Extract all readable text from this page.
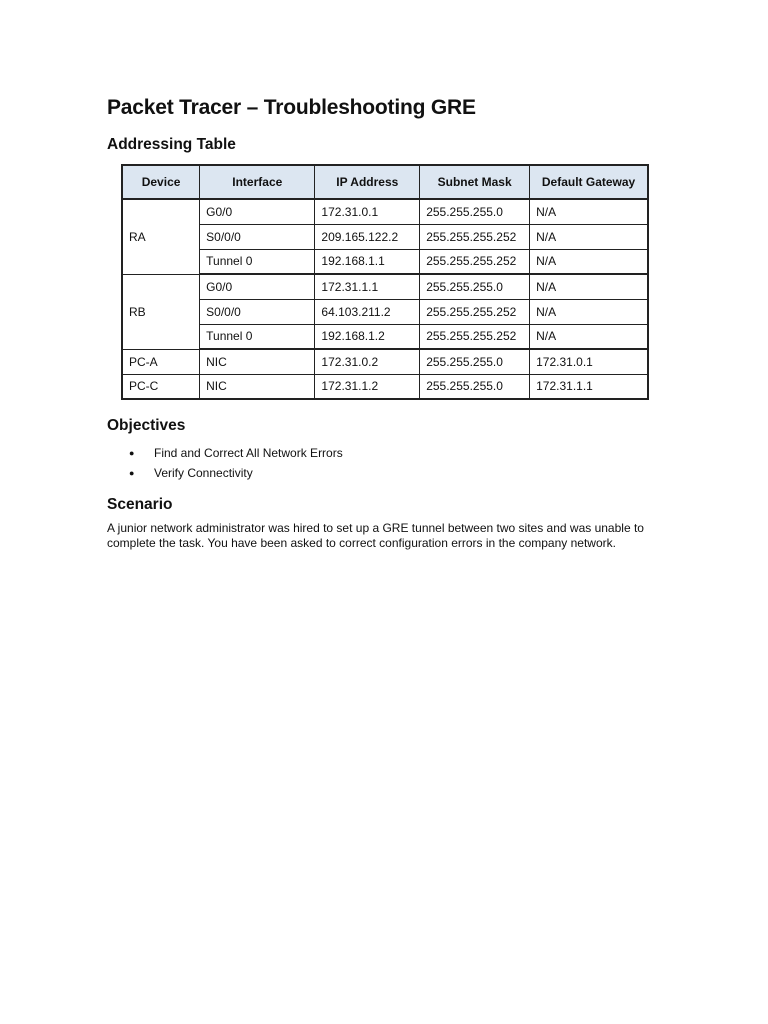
Packet Tracer – Troubleshooting GRE
Addressing Table
Device	Interface	IP Address	Subnet Mask	Default Gateway
RA	G0/0	172.31.0.1	255.255.255.0	N/A
	S0/0/0	209.165.122.2	255.255.255.252	N/A
	Tunnel 0	192.168.1.1	255.255.255.252	N/A
RB	G0/0	172.31.1.1	255.255.255.0	N/A
	S0/0/0	64.103.211.2	255.255.255.252	N/A
	Tunnel 0	192.168.1.2	255.255.255.252	N/A
PC-A	NIC	172.31.0.2	255.255.255.0	172.31.0.1
PC-C	NIC	172.31.1.2	255.255.255.0	172.31.1.1
Objectives
● Find and Correct All Network Errors
● Verify Connectivity
Scenario

A junior network administrator was hired to set up a GRE tunnel between two sites and was unable to complete the task. You have been asked to correct configuration errors in the company network.
